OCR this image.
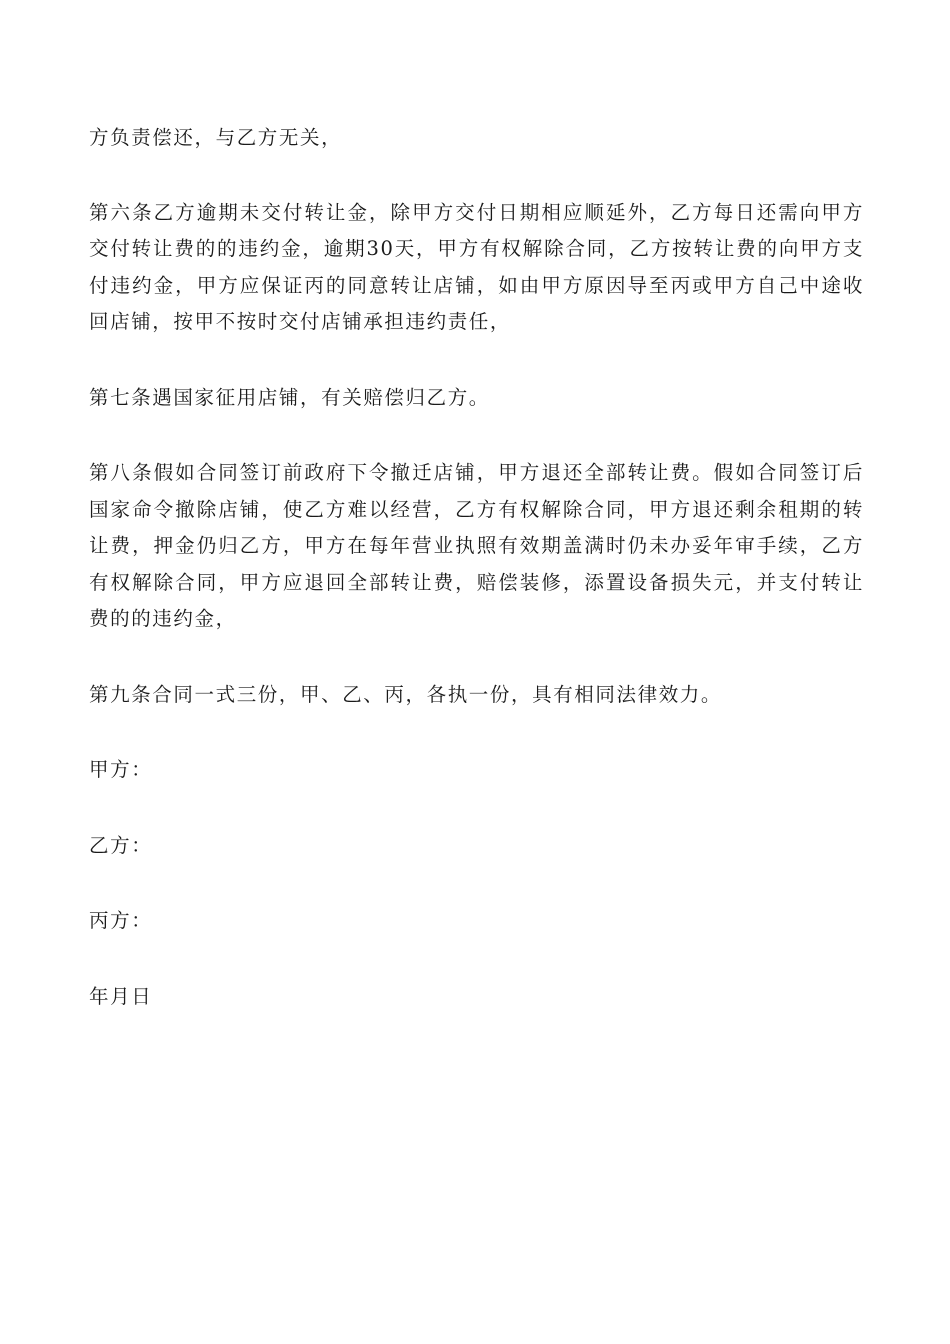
方负责偿还，与乙方无关，

第六条乙方逾期未交付转让金，除甲方交付日期相应顺延外，乙方每日还需向甲方交付转让费的的违约金，逾期30天，甲方有权解除合同，乙方按转让费的向甲方支付违约金，甲方应保证丙的同意转让店铺，如由甲方原因导至丙或甲方自己中途收回店铺，按甲不按时交付店铺承担违约责任，

第七条遇国家征用店铺，有关赔偿归乙方。

第八条假如合同签订前政府下令撤迁店铺，甲方退还全部转让费。假如合同签订后国家命令撤除店铺，使乙方难以经营，乙方有权解除合同，甲方退还剩余租期的转让费，押金仍归乙方，甲方在每年营业执照有效期盖满时仍未办妥年审手续，乙方有权解除合同，甲方应退回全部转让费，赔偿装修，添置设备损失元，并支付转让费的的违约金，

第九条合同一式三份，甲、乙、丙，各执一份，具有相同法律效力。

甲方：

乙方：

丙方：

年月日
